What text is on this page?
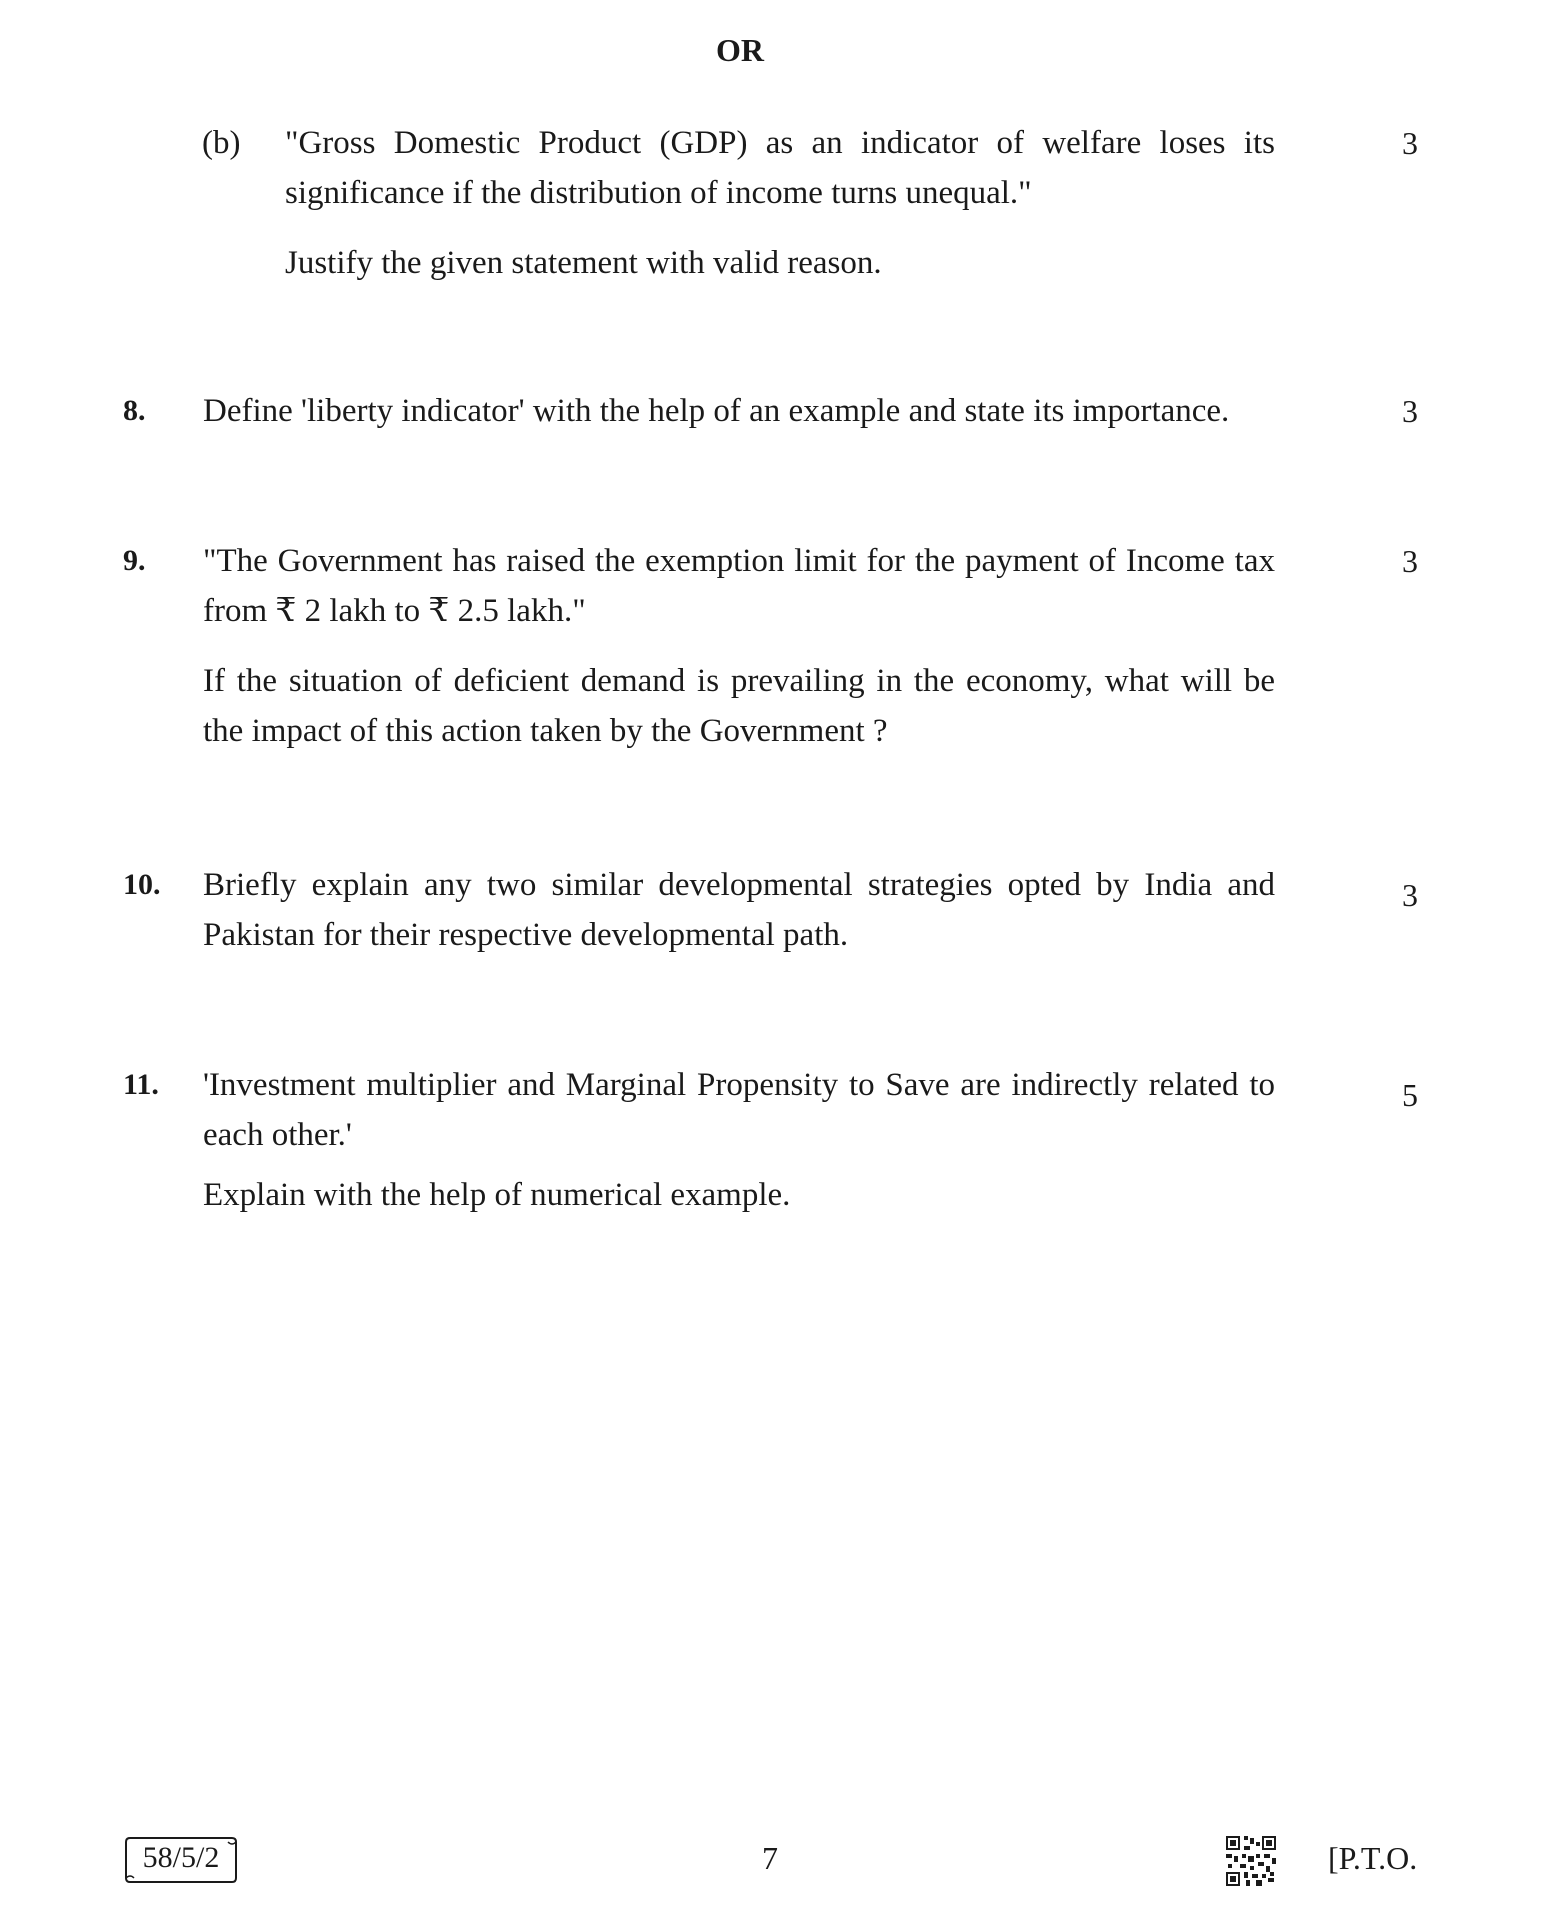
OR
(b) "Gross Domestic Product (GDP) as an indicator of welfare loses its significance if the distribution of income turns unequal."

Justify the given statement with valid reason.

3
8. Define 'liberty indicator' with the help of an example and state its importance.	3
9. "The Government has raised the exemption limit for the payment of Income tax from ₹ 2 lakh to ₹ 2.5 lakh."

If the situation of deficient demand is prevailing in the economy, what will be the impact of this action taken by the Government ?

3
10. Briefly explain any two similar developmental strategies opted by India and Pakistan for their respective developmental path.

3
11. 'Investment multiplier and Marginal Propensity to Save are indirectly related to each other.'

Explain with the help of numerical example.

5
58/5/2	7	[P.T.O.
